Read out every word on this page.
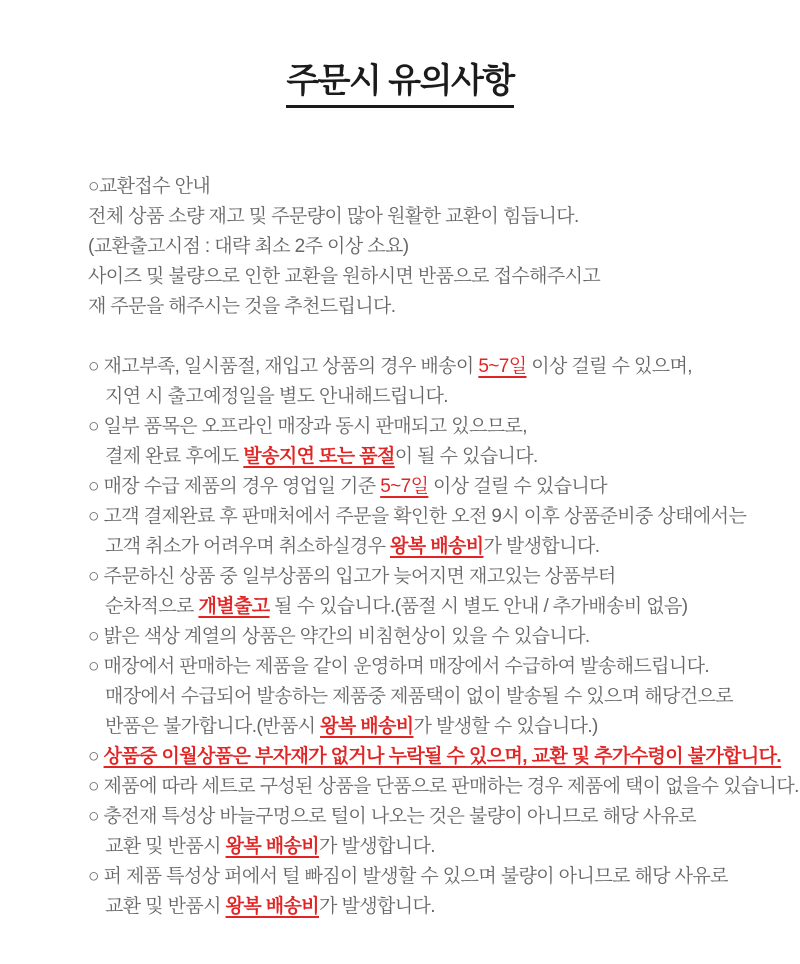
주문시 유의사항
○교환접수 안내
전체 상품 소량 재고 및 주문량이 많아 원활한 교환이 힘듭니다.
(교환출고시점 : 대략 최소 2주 이상 소요)
사이즈 및 불량으로 인한 교환을 원하시면 반품으로 접수해주시고
재 주문을 해주시는 것을 추천드립니다.
○ 재고부족, 일시품절, 재입고 상품의 경우 배송이 5~7일 이상 걸릴 수 있으며,
지연 시 출고예정일을 별도 안내해드립니다.
○ 일부 품목은 오프라인 매장과 동시 판매되고 있으므로,
결제 완료 후에도 발송지연 또는 품절이 될 수 있습니다.
○ 매장 수급 제품의 경우 영업일 기준 5~7일 이상 걸릴 수 있습니다
○ 고객 결제완료 후 판매처에서 주문을 확인한 오전 9시 이후 상품준비중 상태에서는
고객 취소가 어려우며 취소하실경우 왕복 배송비가 발생합니다.
○ 주문하신 상품 중 일부상품의 입고가 늦어지면 재고있는 상품부터
순차적으로 개별출고 될 수 있습니다.(품절 시 별도 안내 / 추가배송비 없음)
○ 밝은 색상 계열의 상품은 약간의 비침현상이 있을 수 있습니다.
○ 매장에서 판매하는 제품을 같이 운영하며 매장에서 수급하여 발송해드립니다.
매장에서 수급되어 발송하는 제품중 제품택이 없이 발송될 수 있으며 해당건으로
반품은 불가합니다.(반품시 왕복 배송비가 발생할 수 있습니다.)
○ 상품중 이월상품은 부자재가 없거나 누락될 수 있으며, 교환 및 추가수령이 불가합니다.
○ 제품에 따라 세트로 구성된 상품을 단품으로 판매하는 경우 제품에 택이 없을수 있습니다.
○ 충전재 특성상 바늘구멍으로 털이 나오는 것은 불량이 아니므로 해당 사유로
교환 및 반품시 왕복 배송비가 발생합니다.
○ 퍼 제품 특성상 퍼에서 털 빠짐이 발생할 수 있으며 불량이 아니므로 해당 사유로
교환 및 반품시 왕복 배송비가 발생합니다.
